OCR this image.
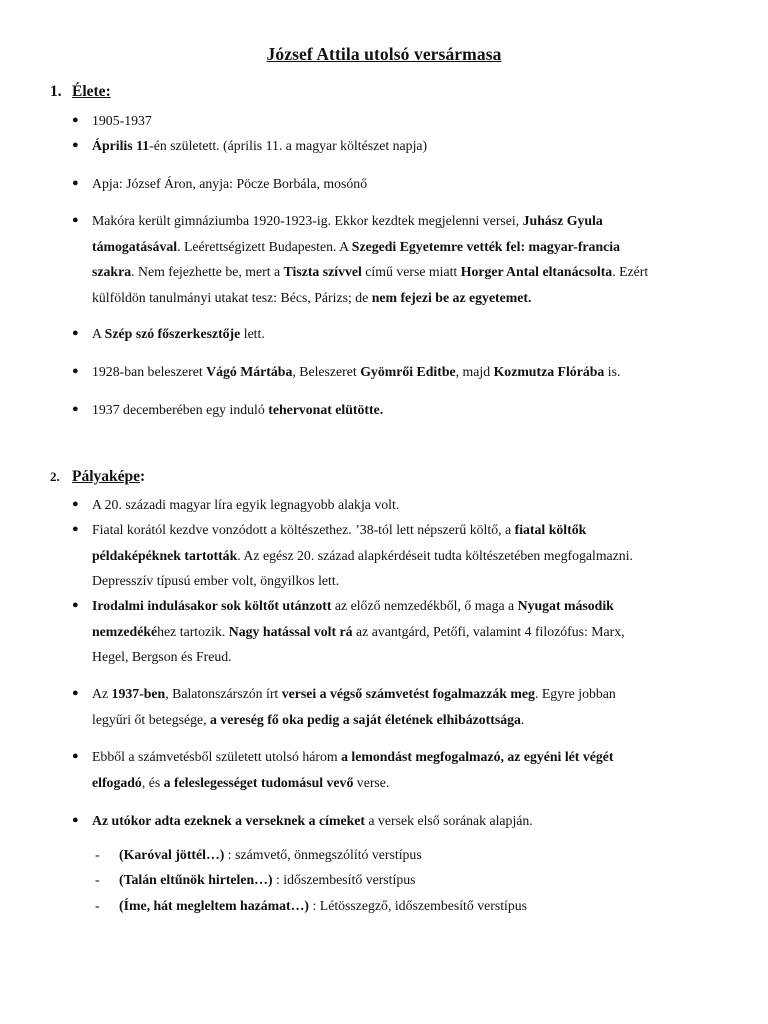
József Attila utolsó versármasa
1. Élete:
● 1905-1937
● Április 11-én született. (április 11. a magyar költészet napja)
● Apja: József Áron, anyja: Pöcze Borbála, mosónő
● Makóra került gimnáziumba 1920-1923-ig. Ekkor kezdtek megjelenni versei, Juhász Gyula
támogatásával. Leérettségizett Budapesten. A Szegedi Egyetemre vették fel: magyar-francia
szakra. Nem fejezhette be, mert a Tiszta szívvel című verse miatt Horger Antal eltanácsolta. Ezért
külföldön tanulmányi utakat tesz: Bécs, Párizs; de nem fejezi be az egyetemet.
● A Szép szó főszerkesztője lett.
● 1928-ban beleszeret Vágó Mártába, Beleszeret Gyömrői Editbe, majd Kozmutza Flórába is.
● 1937 decemberében egy induló tehervonat elütötte.
2. Pályaképe:
● A 20. századi magyar líra egyik legnagyobb alakja volt.
● Fiatal korától kezdve vonzódott a költészethez. ’38-tól lett népszerű költő, a fiatal költők
példaképéknek tartották. Az egész 20. század alapkérdéseit tudta költészetében megfogalmazni.
Depresszív típusú ember volt, öngyilkos lett.
● Irodalmi indulásakor sok költőt utánzott az előző nemzedékből, ő maga a Nyugat második
nemzedékéhez tartozik. Nagy hatással volt rá az avantgárd, Petőfi, valamint 4 filozófus: Marx,
Hegel, Bergson és Freud.
● Az 1937-ben, Balatonszárszón írt versei a végső számvetést fogalmazzák meg. Egyre jobban
legyűri őt betegsége, a vereség fő oka pedig a saját életének elhibázottsága.
● Ebből a számvetésből született utolsó három a lemondást megfogalmazó, az egyéni lét végét
elfogadó, és a feleslegességet tudomásul vevő verse.
● Az utókor adta ezeknek a verseknek a címeket a versek első sorának alapján.
- (Karóval jöttél…) : számvető, önmegszólító verstípus
- (Talán eltűnök hirtelen…) : időszembesítő verstípus
- (Íme, hát megleltem hazámat…) : Létösszegző, időszembesítő verstípus
